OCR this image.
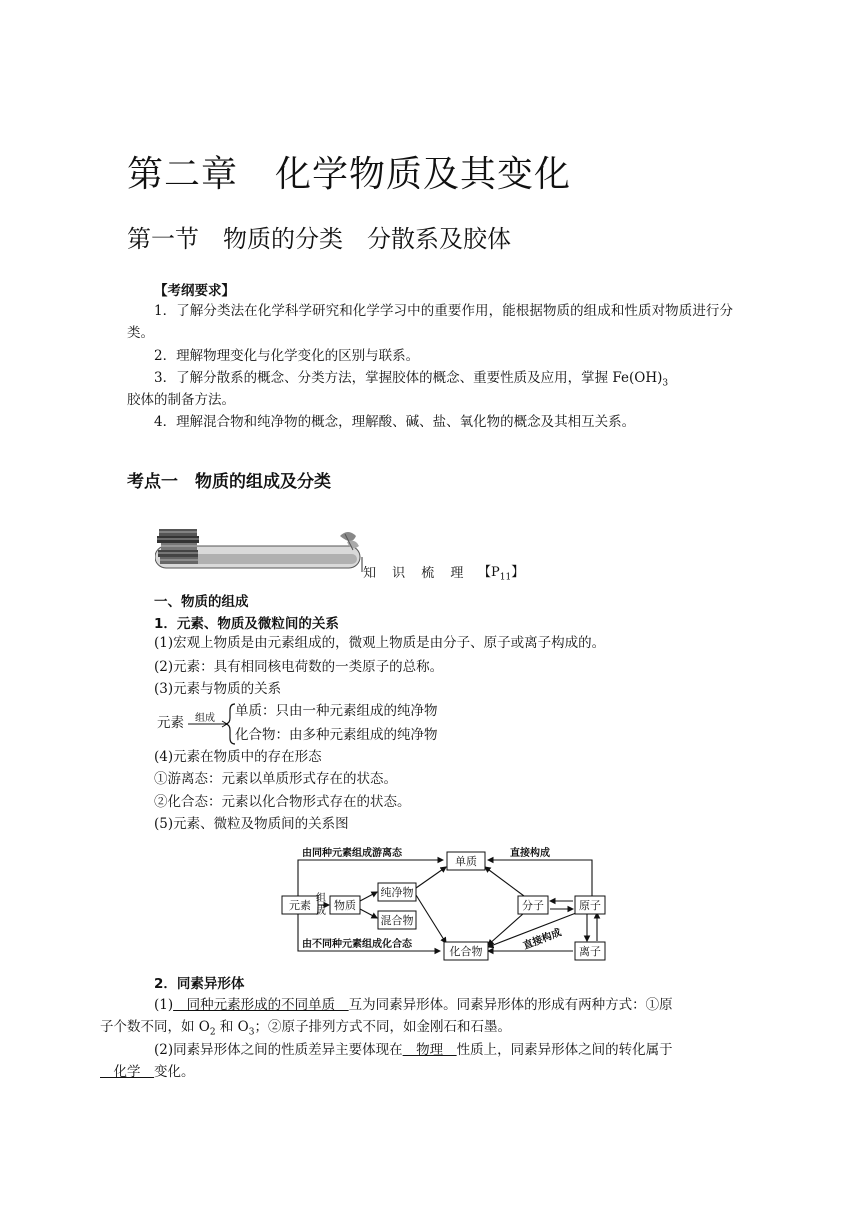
第二章　化学物质及其变化
第一节　物质的分类　分散系及胶体
【考纲要求】
1．了解分类法在化学科学研究和化学学习中的重要作用，能根据物质的组成和性质对物质进行分类。
2．理解物理变化与化学变化的区别与联系。
3．了解分散系的概念、分类方法，掌握胶体的概念、重要性质及应用，掌握 $Fe(OH)_3$
胶体的制备方法。
4．理解混合物和纯净物的概念，理解酸、碱、盐、氧化物的概念及其相互关系。
考点一　物质的组成及分类
知 识 梳 理 【$P_{11}$】
一、物质的组成
1．元素、物质及微粒间的关系
(1)宏观上物质是由元素组成的，微观上物质是由分子、原子或离子构成的。
(2)元素：具有相同核电荷数的一类原子的总称。
(3)元素与物质的关系
元素 组成 单质：只由一种元素组成的纯净物
化合物：由多种元素组成的纯净物
(4)元素在物质中的存在形态
①游离态：元素以单质形式存在的状态。
②化合态：元素以化合物形式存在的状态。
(5)元素、微粒及物质间的关系图
元素 物质
纯净物
混合物
单质
化合物
分子	原子
离子
由同种元素组成游离态	直接构成
由不同种元素组成化合态
组
成
直接构成
2．同素异形体
(1)　同种元素形成的不同单质　互为同素异形体。同素异形体的形成有两种方式：①原
子个数不同，如 $O_2$ 和 $O_3$；②原子排列方式不同，如金刚石和石墨。
(2)同素异形体之间的性质差异主要体现在　物理　性质上，同素异形体之间的转化属于
　化学　变化。
